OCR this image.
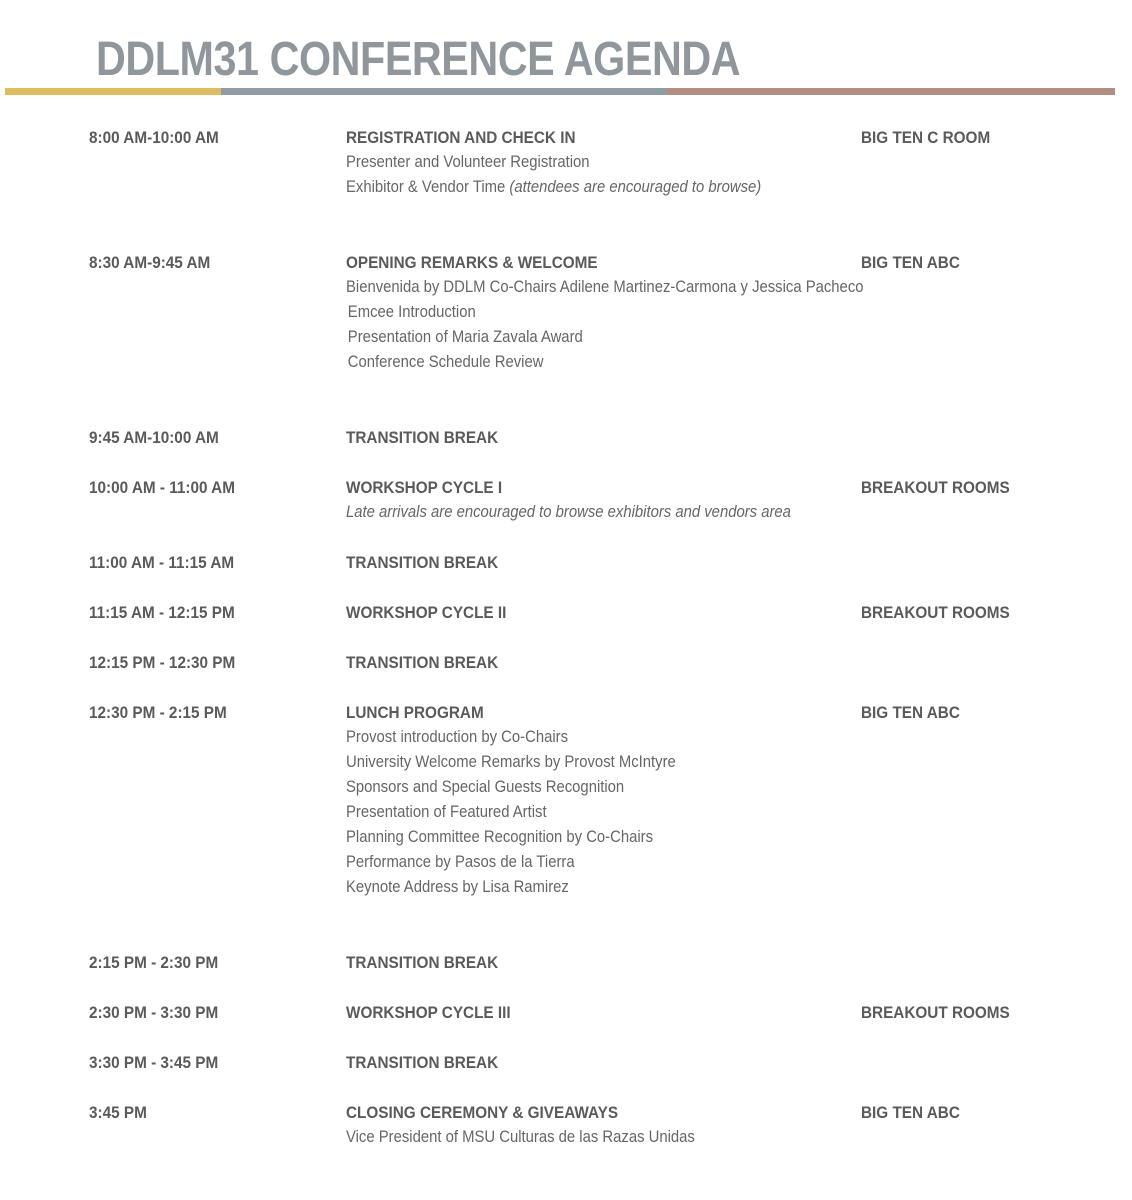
DDLM31 CONFERENCE AGENDA
8:00 AM-10:00 AM	REGISTRATION AND CHECK IN	BIG TEN C ROOM
Presenter and Volunteer Registration
Exhibitor & Vendor Time (attendees are encouraged to browse)
8:30 AM-9:45 AM	OPENING REMARKS & WELCOME	BIG TEN ABC
Bienvenida by DDLM Co-Chairs Adilene Martinez-Carmona y Jessica Pacheco
Emcee Introduction
Presentation of Maria Zavala Award
Conference Schedule Review
9:45 AM-10:00 AM	TRANSITION BREAK
10:00 AM - 11:00 AM	WORKSHOP CYCLE I	BREAKOUT ROOMS
Late arrivals are encouraged to browse exhibitors and vendors area
11:00 AM - 11:15 AM	TRANSITION BREAK
11:15 AM - 12:15 PM	WORKSHOP CYCLE II	BREAKOUT ROOMS
12:15 PM - 12:30 PM	TRANSITION BREAK
12:30 PM - 2:15 PM	LUNCH PROGRAM	BIG TEN ABC
Provost introduction by Co-Chairs
University Welcome Remarks by Provost McIntyre
Sponsors and Special Guests Recognition
Presentation of Featured Artist
Planning Committee Recognition by Co-Chairs
Performance by Pasos de la Tierra
Keynote Address by Lisa Ramirez
2:15 PM - 2:30 PM	TRANSITION BREAK
2:30 PM - 3:30 PM	WORKSHOP CYCLE III	BREAKOUT ROOMS
3:30 PM - 3:45 PM	TRANSITION BREAK
3:45 PM	CLOSING CEREMONY & GIVEAWAYS	BIG TEN ABC
Vice President of MSU Culturas de las Razas Unidas
